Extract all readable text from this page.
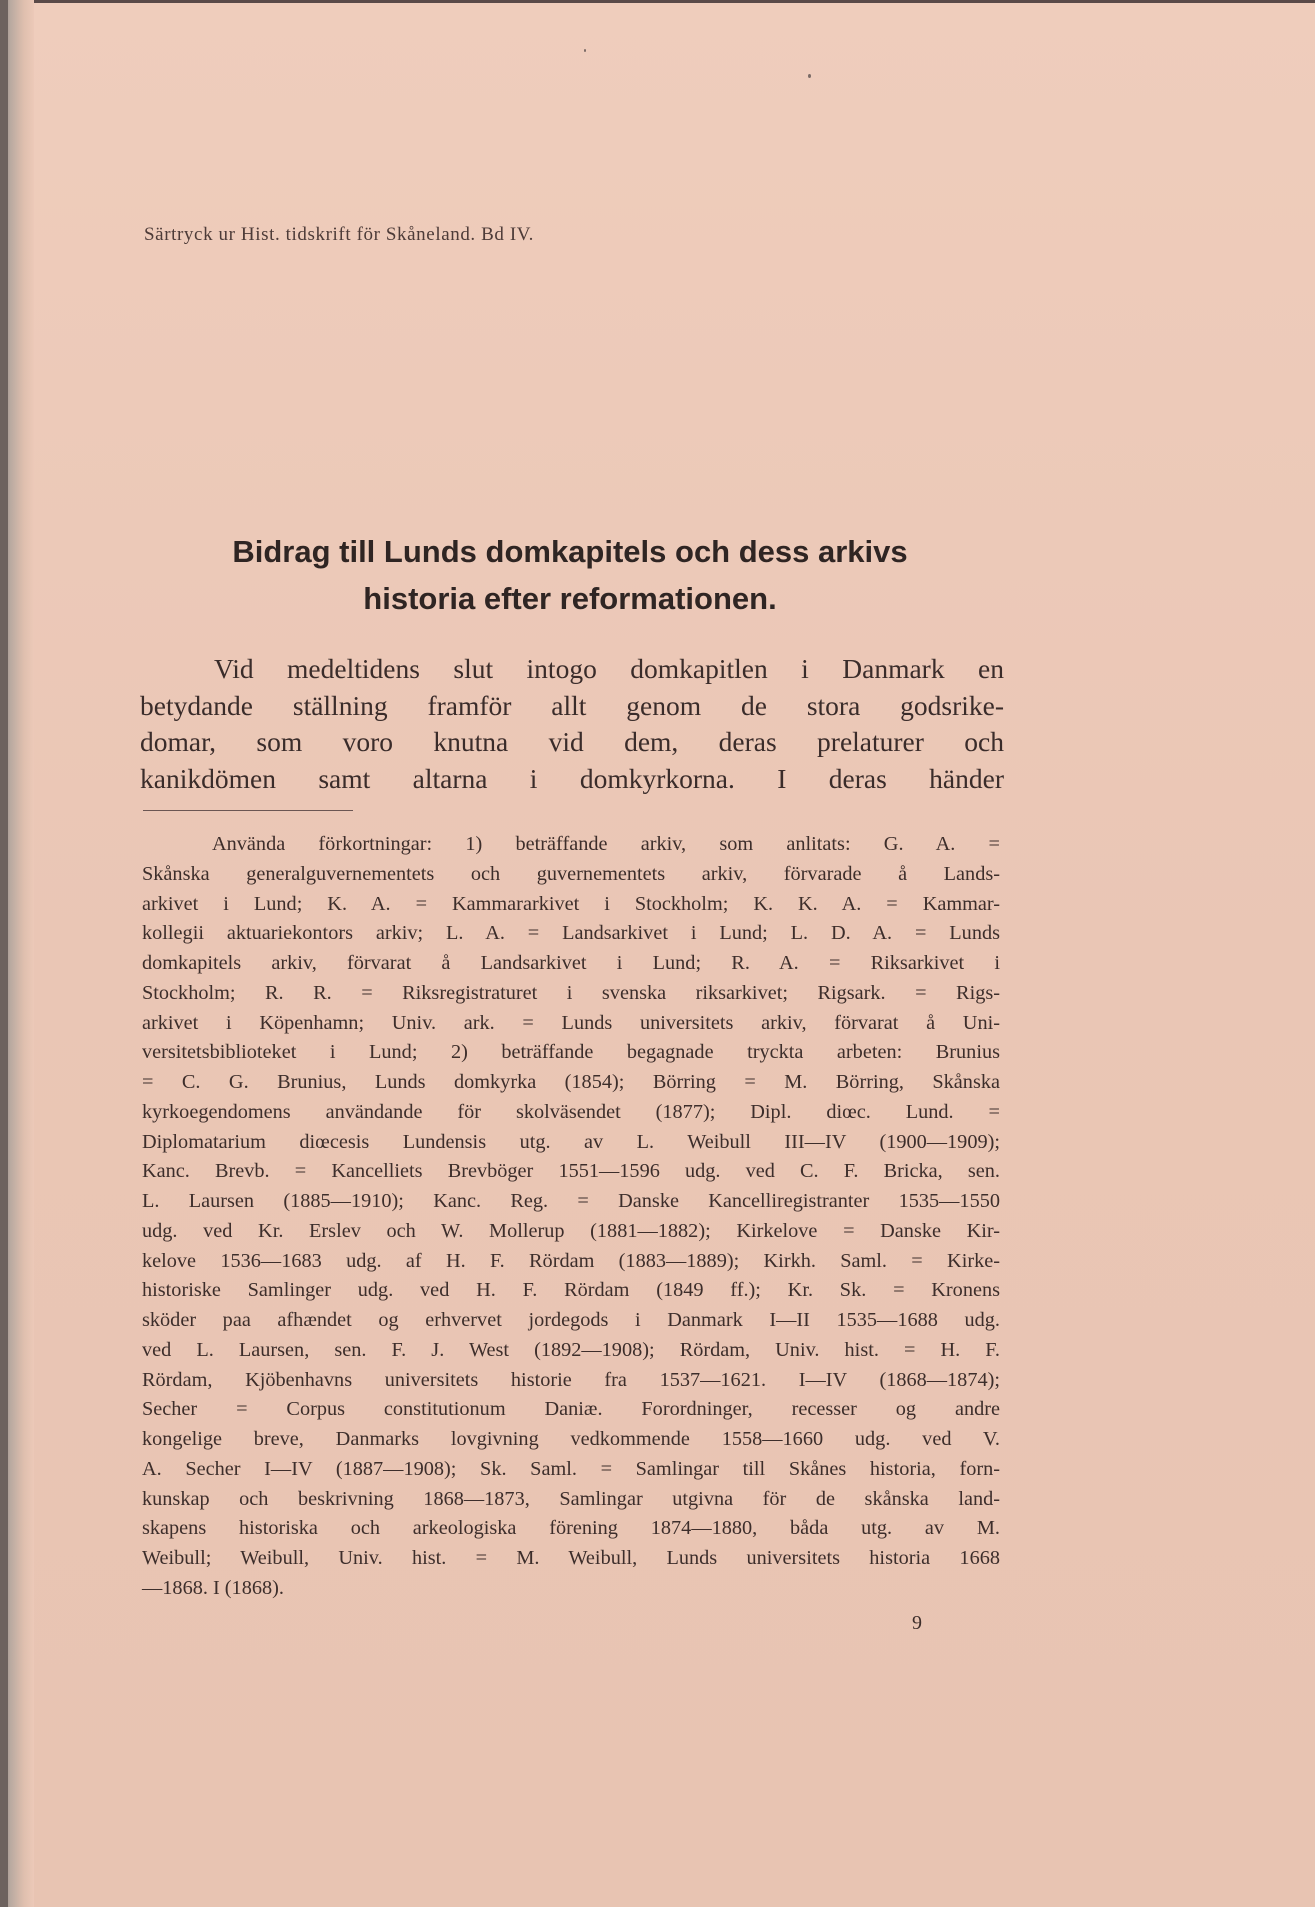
Särtryck ur Hist. tidskrift för Skåneland. Bd IV.
Bidrag till Lunds domkapitels och dess arkivs
historia efter reformationen.
Vid medeltidens slut intogo domkapitlen i Danmark en
betydande ställning framför allt genom de stora godsrike-
domar, som voro knutna vid dem, deras prelaturer och
kanikdömen samt altarna i domkyrkorna. I deras händer
Använda förkortningar: 1) beträffande arkiv, som anlitats: G. A. =
Skånska generalguvernementets och guvernementets arkiv, förvarade å Lands-
arkivet i Lund; K. A. = Kammararkivet i Stockholm; K. K. A. = Kammar-
kollegii aktuariekontors arkiv; L. A. = Landsarkivet i Lund; L. D. A. = Lunds
domkapitels arkiv, förvarat å Landsarkivet i Lund; R. A. = Riksarkivet i
Stockholm; R. R. = Riksregistraturet i svenska riksarkivet; Rigsark. = Rigs-
arkivet i Köpenhamn; Univ. ark. = Lunds universitets arkiv, förvarat å Uni-
versitetsbiblioteket i Lund; 2) beträffande begagnade tryckta arbeten: Brunius
= C. G. Brunius, Lunds domkyrka (1854); Börring = M. Börring, Skånska
kyrkoegendomens användande för skolväsendet (1877); Dipl. diœc. Lund. =
Diplomatarium diœcesis Lundensis utg. av L. Weibull III—IV (1900—1909);
Kanc. Brevb. = Kancelliets Brevböger 1551—1596 udg. ved C. F. Bricka, sen.
L. Laursen (1885—1910); Kanc. Reg. = Danske Kancelliregistranter 1535—1550
udg. ved Kr. Erslev och W. Mollerup (1881—1882); Kirkelove = Danske Kir-
kelove 1536—1683 udg. af H. F. Rördam (1883—1889); Kirkh. Saml. = Kirke-
historiske Samlinger udg. ved H. F. Rördam (1849 ff.); Kr. Sk. = Kronens
sköder paa afhændet og erhvervet jordegods i Danmark I—II 1535—1688 udg.
ved L. Laursen, sen. F. J. West (1892—1908); Rördam, Univ. hist. = H. F.
Rördam, Kjöbenhavns universitets historie fra 1537—1621. I—IV (1868—1874);
Secher = Corpus constitutionum Daniæ. Forordninger, recesser og andre
kongelige breve, Danmarks lovgivning vedkommende 1558—1660 udg. ved V.
A. Secher I—IV (1887—1908); Sk. Saml. = Samlingar till Skånes historia, forn-
kunskap och beskrivning 1868—1873, Samlingar utgivna för de skånska land-
skapens historiska och arkeologiska förening 1874—1880, båda utg. av M.
Weibull; Weibull, Univ. hist. = M. Weibull, Lunds universitets historia 1668
—1868. I (1868).
9
